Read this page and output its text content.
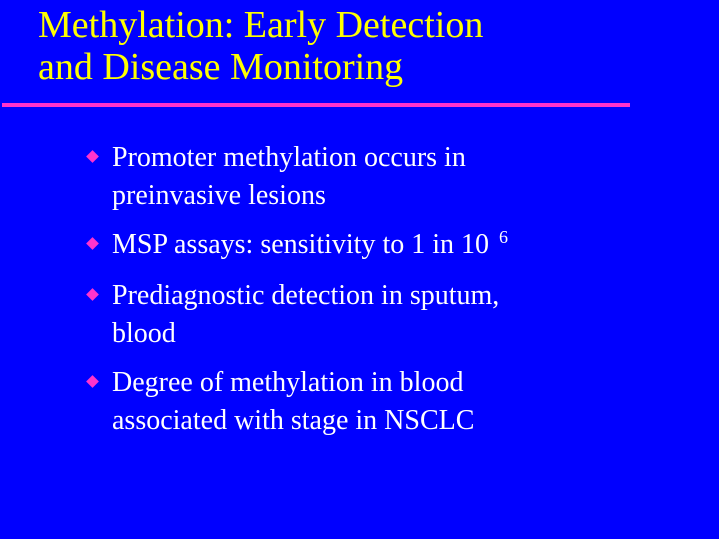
Methylation: Early Detection
and Disease Monitoring
Promoter methylation occurs in
preinvasive lesions
MSP assays: sensitivity to 1 in 10 $^6$
Prediagnostic detection in sputum,
blood
Degree of methylation in blood
associated with stage in NSCLC
